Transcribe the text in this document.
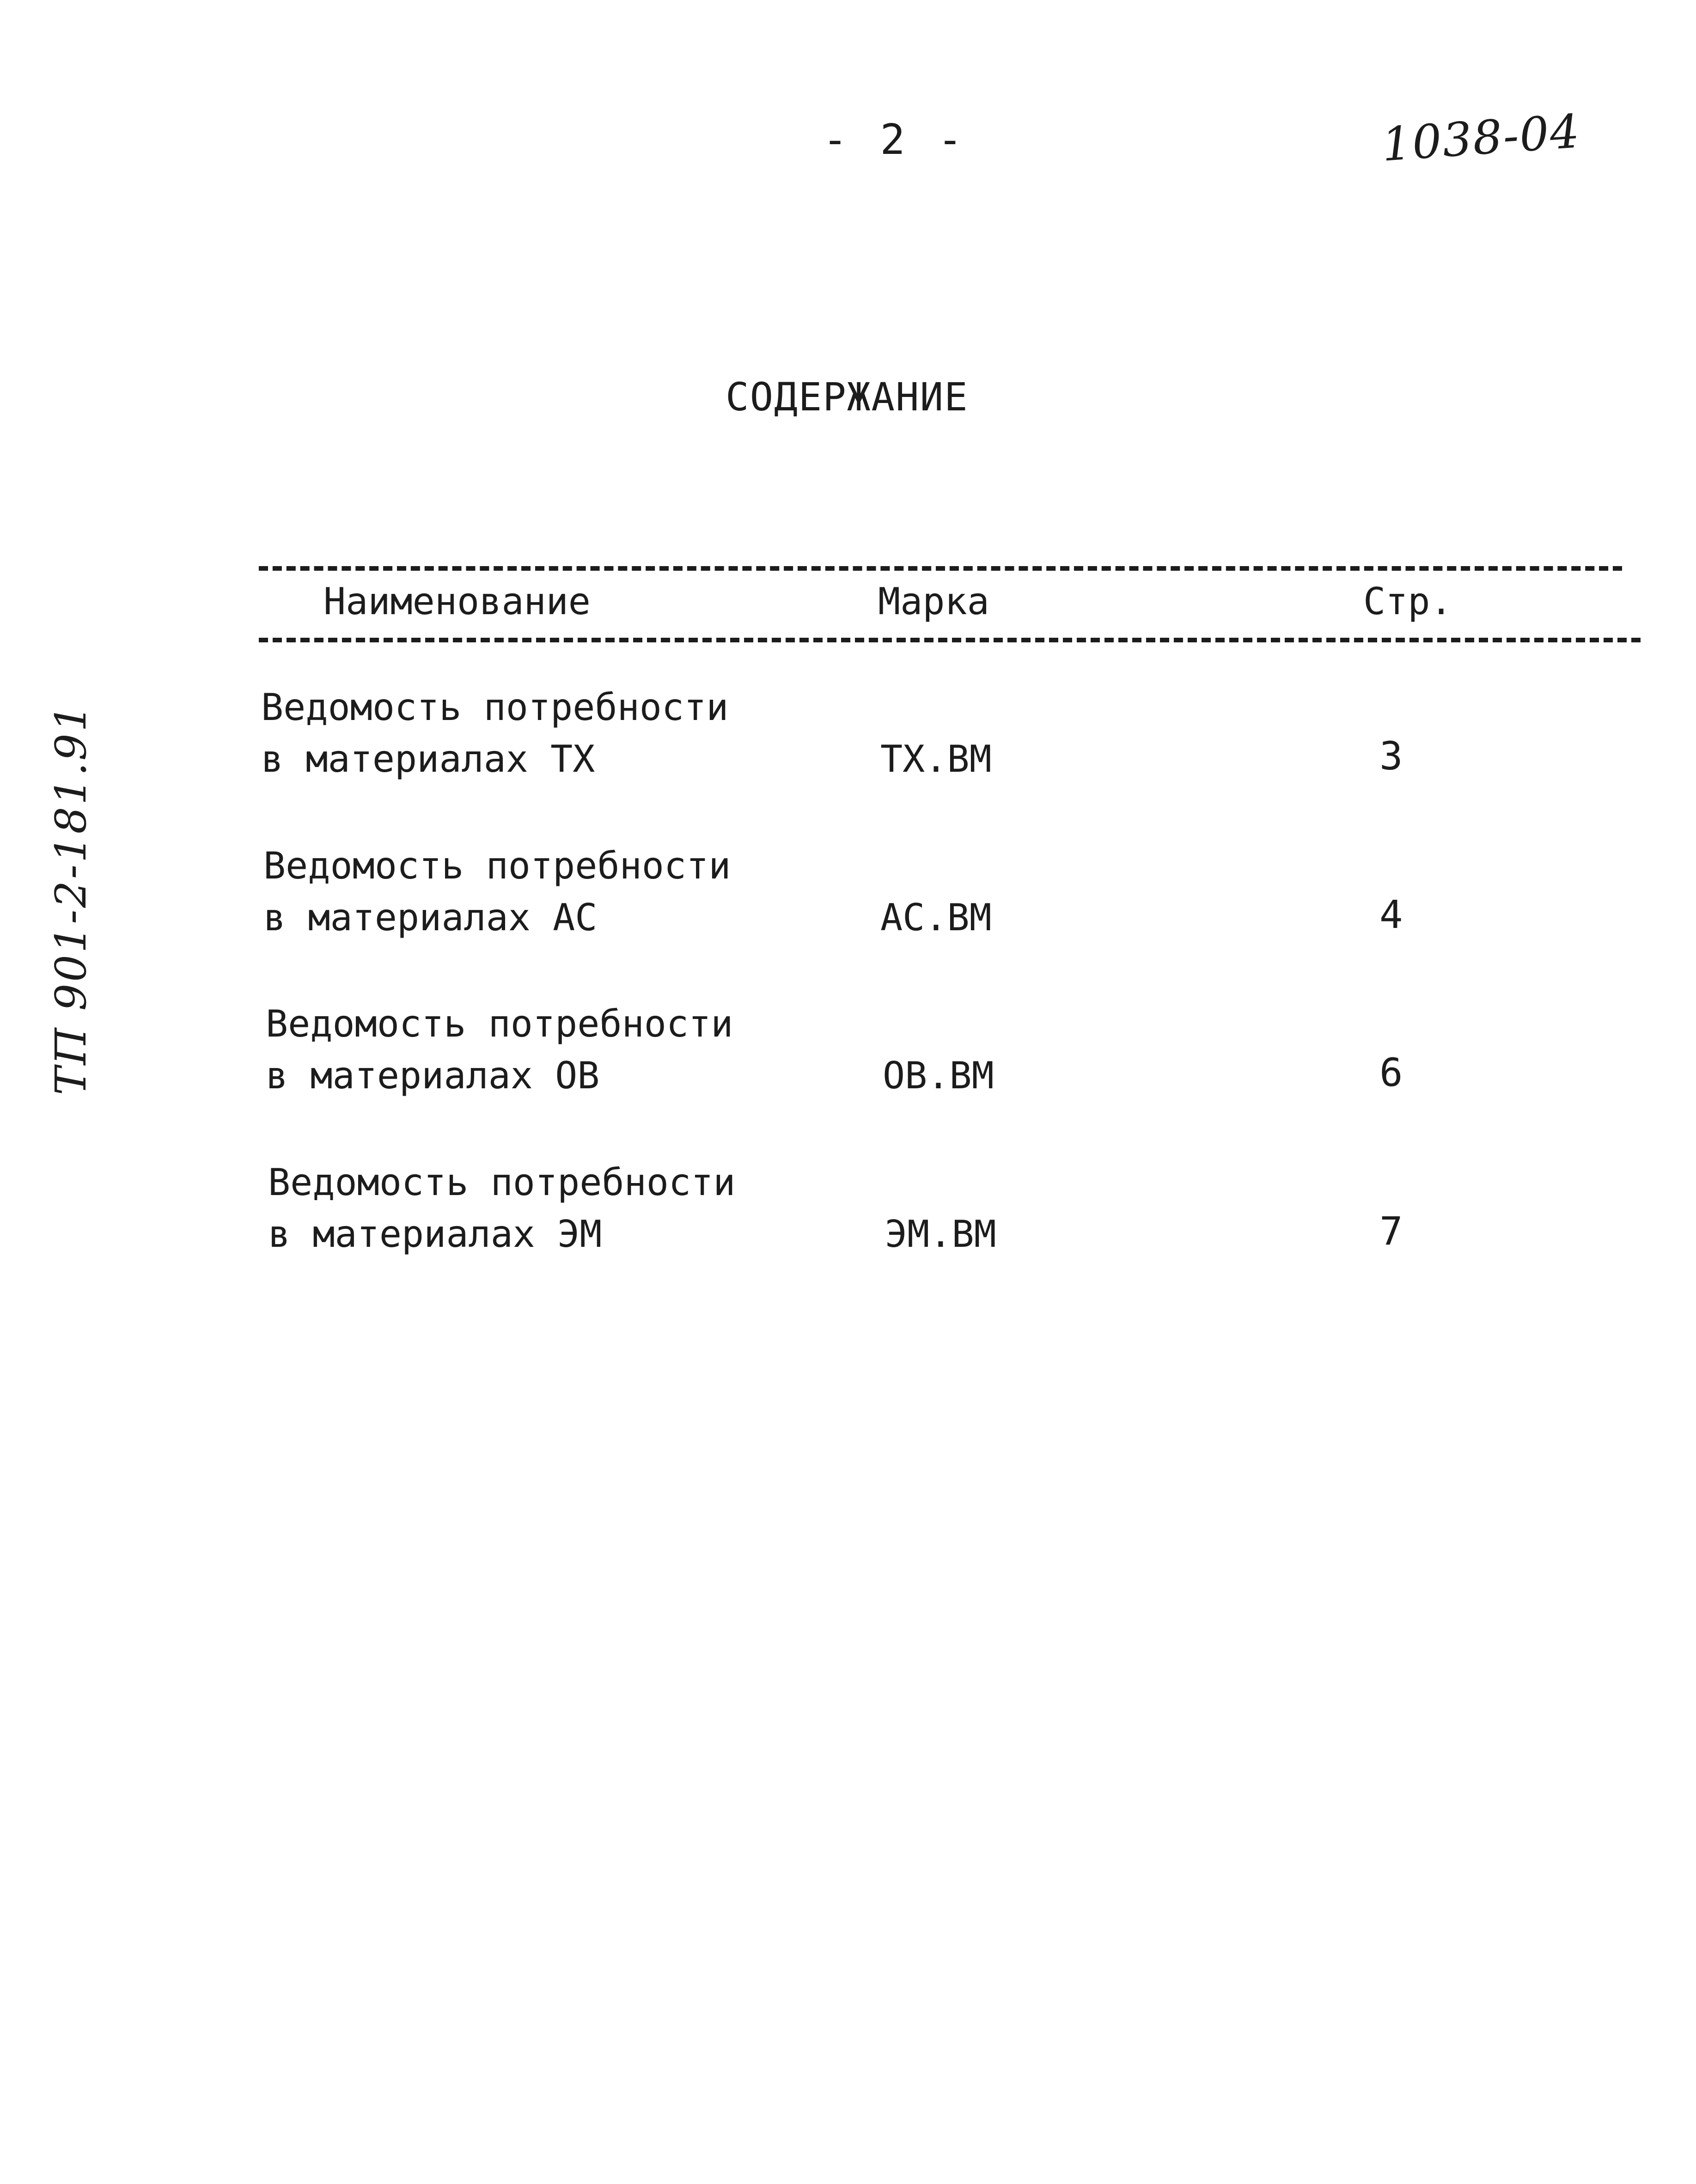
- 2 -	1038-04
ТП 901-2-181.91
СОДЕРЖАНИЕ
Наименование	Марка	Стр.
Ведомость потребности
в материалах ТХ	ТХ.ВМ	3
Ведомость потребности
в материалах АС	АС.ВМ	4
Ведомость потребности
в материалах ОВ	ОВ.ВМ	6
Ведомость потребности
в материалах ЭМ	ЭМ.ВМ	7
